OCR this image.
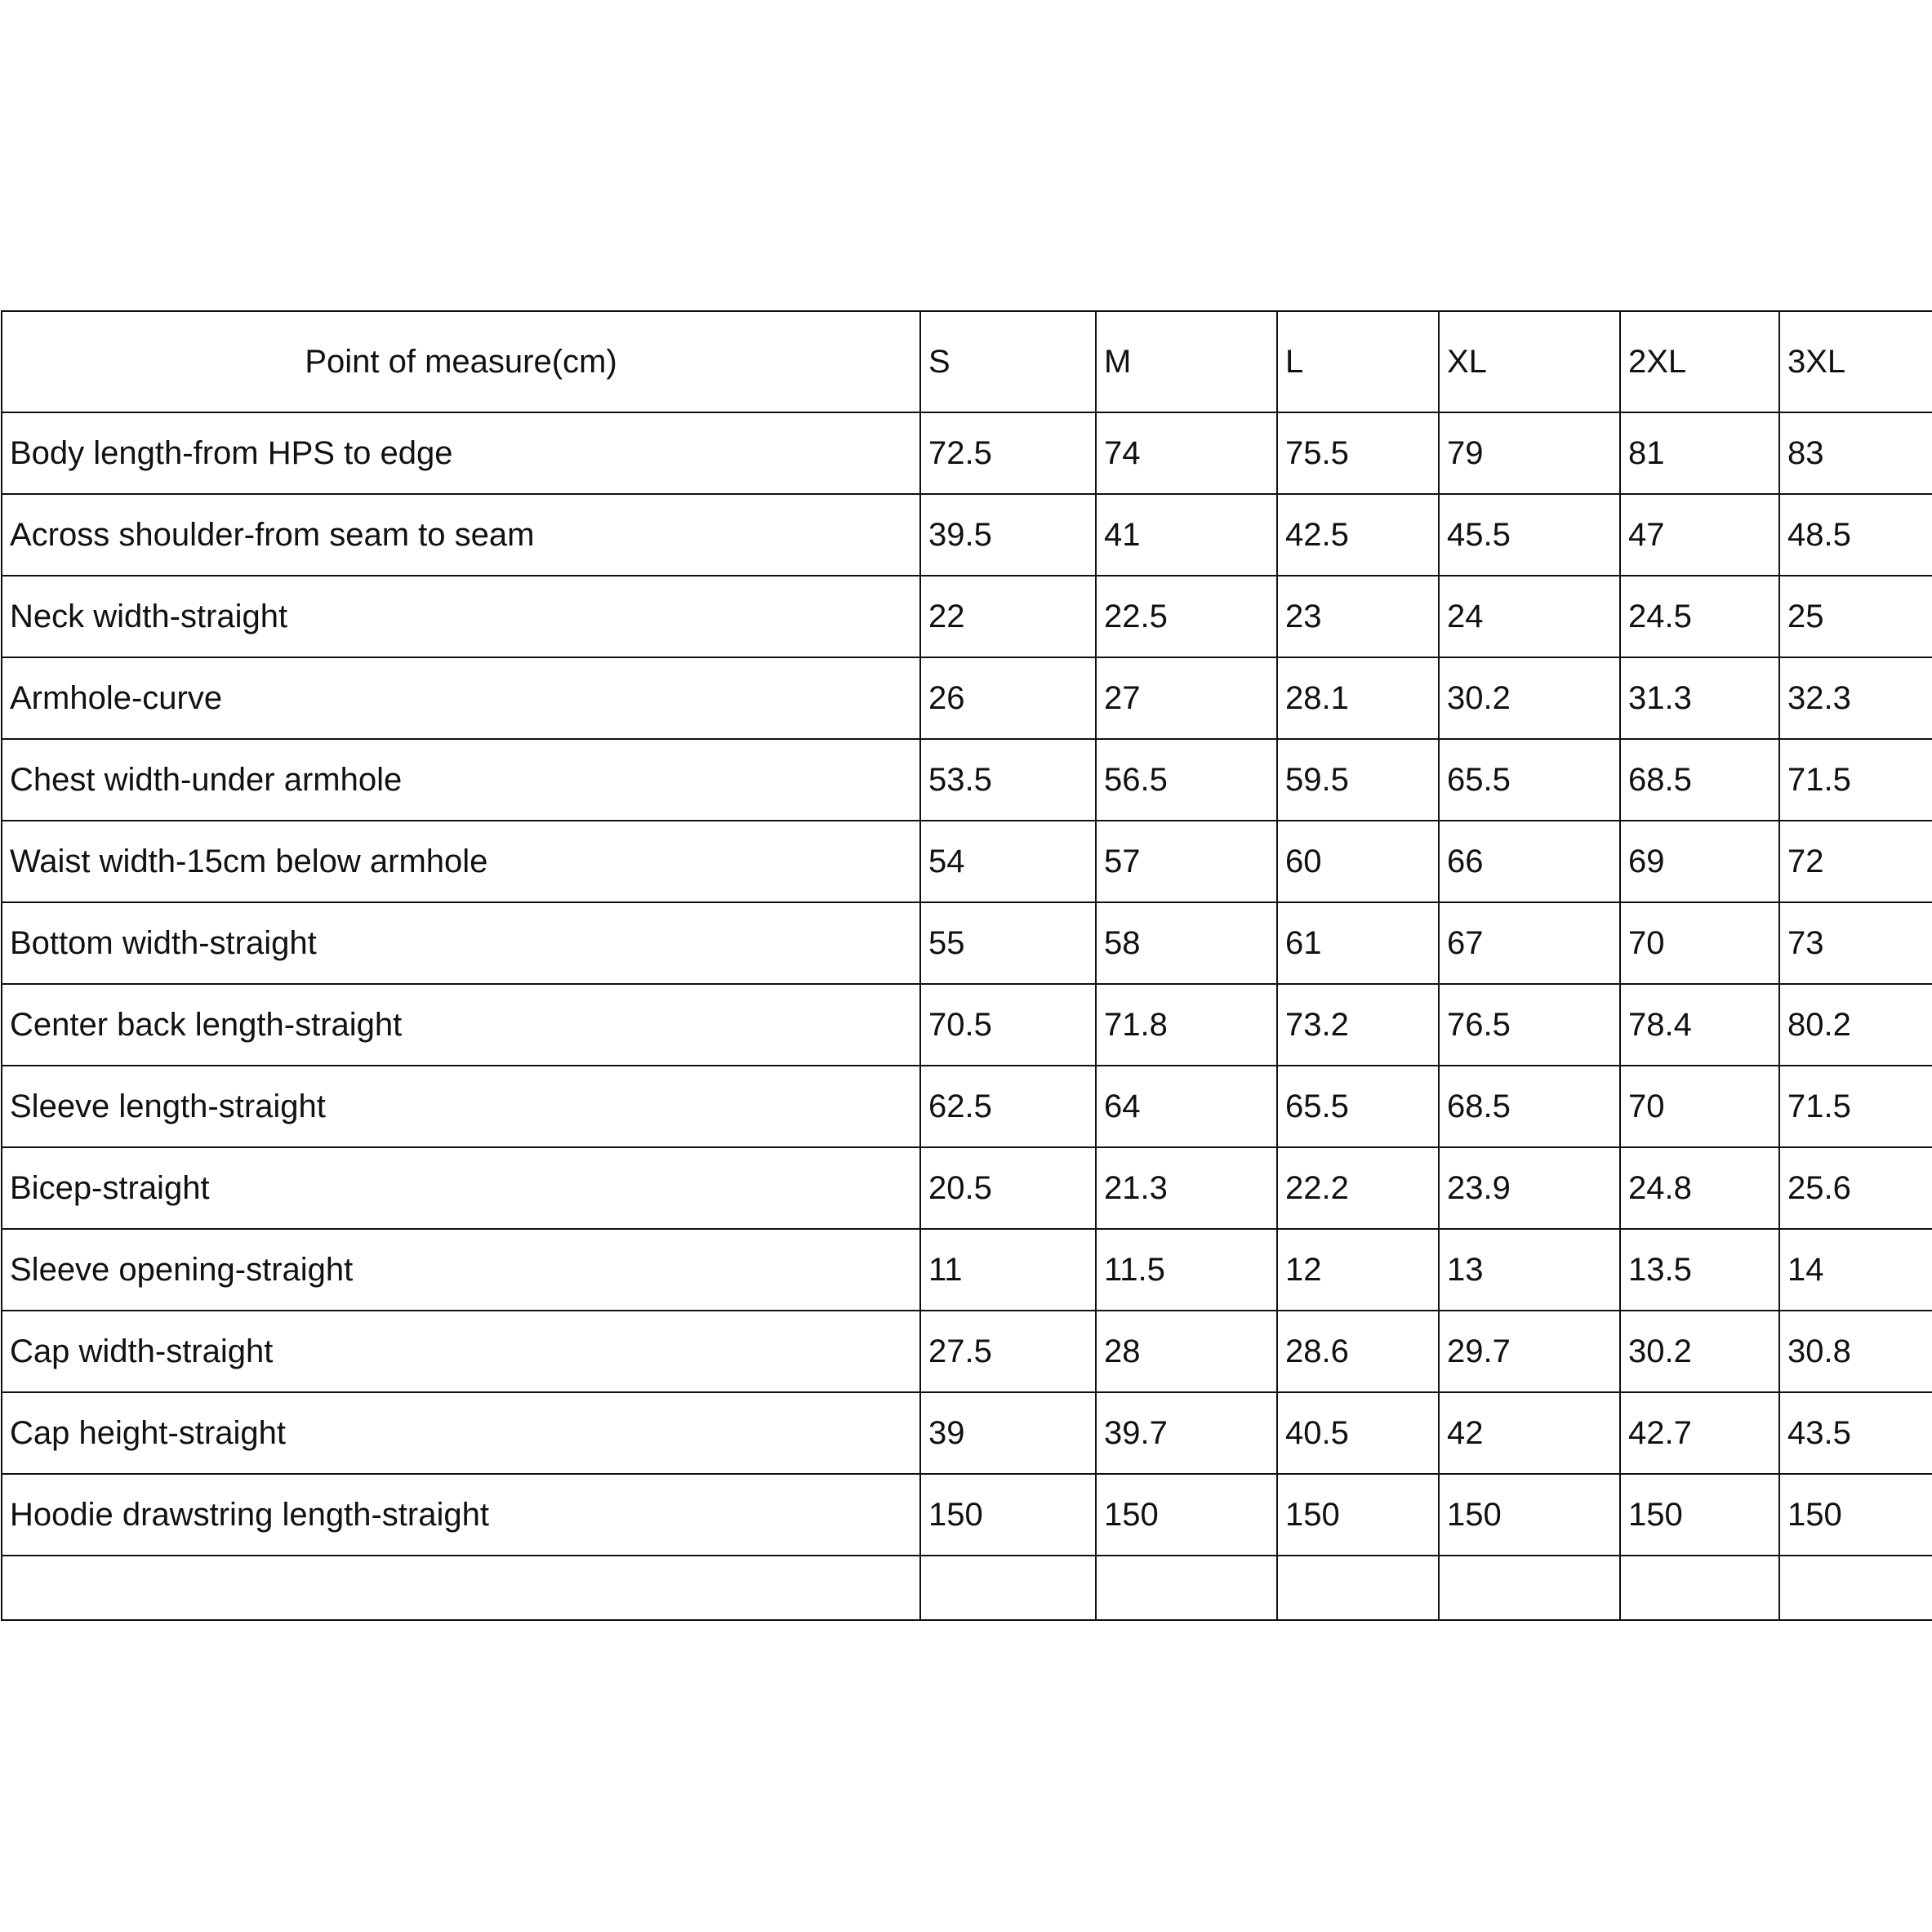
Point of measure(cm)	S	M	L	XL	2XL	3XL
Body length-from HPS to edge	72.5	74	75.5	79	81	83
Across shoulder-from seam to seam	39.5	41	42.5	45.5	47	48.5
Neck width-straight	22	22.5	23	24	24.5	25
Armhole-curve	26	27	28.1	30.2	31.3	32.3
Chest width-under armhole	53.5	56.5	59.5	65.5	68.5	71.5
Waist width-15cm below armhole	54	57	60	66	69	72
Bottom width-straight	55	58	61	67	70	73
Center back length-straight	70.5	71.8	73.2	76.5	78.4	80.2
Sleeve length-straight	62.5	64	65.5	68.5	70	71.5
Bicep-straight	20.5	21.3	22.2	23.9	24.8	25.6
Sleeve opening-straight	11	11.5	12	13	13.5	14
Cap width-straight	27.5	28	28.6	29.7	30.2	30.8
Cap height-straight	39	39.7	40.5	42	42.7	43.5
Hoodie drawstring length-straight	150	150	150	150	150	150
